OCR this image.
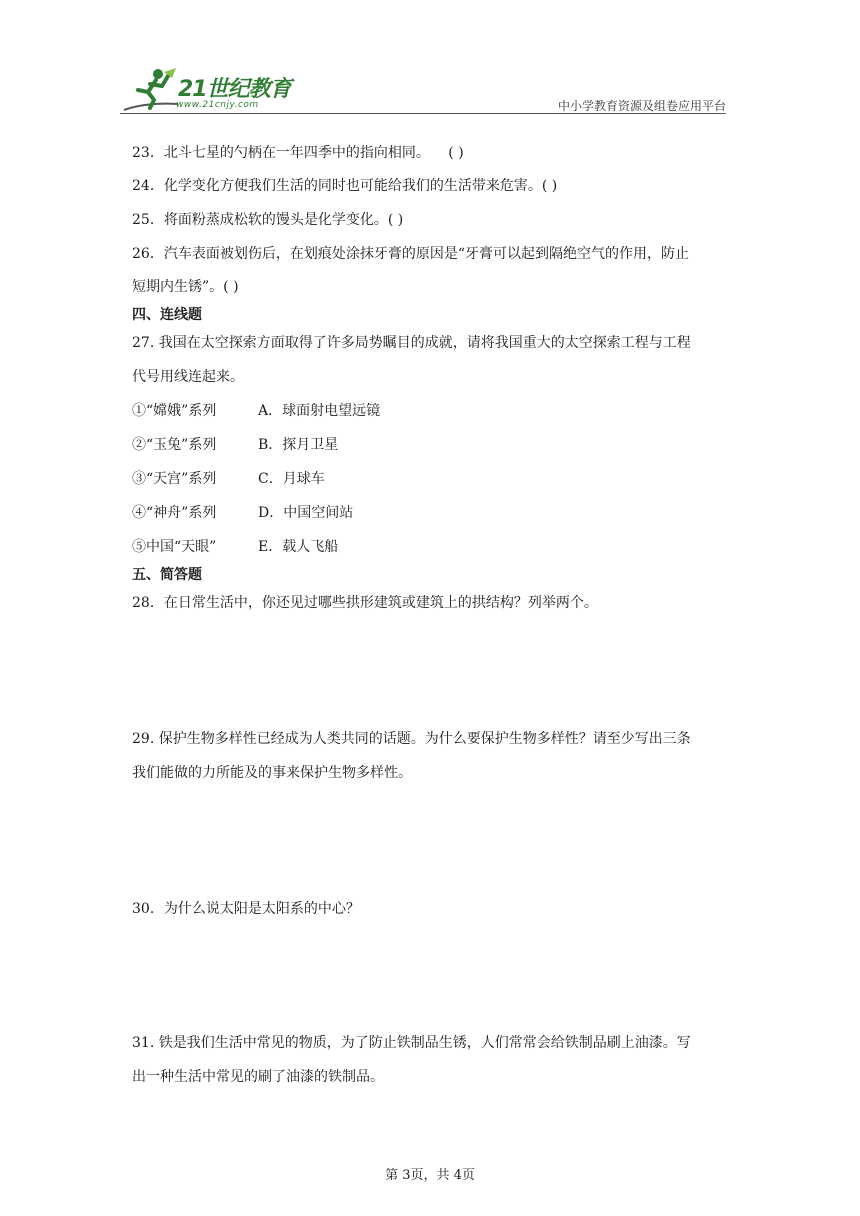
21世纪教育
www.21cnjy.com	中小学教育资源及组卷应用平台
23．北斗七星的勺柄在一年四季中的指向相同。 ( )
24．化学变化方便我们生活的同时也可能给我们的生活带来危害。( )
25．将面粉蒸成松软的馒头是化学变化。( )
26．汽车表面被划伤后，在划痕处涂抹牙膏的原因是“牙膏可以起到隔绝空气的作用，防止
短期内生锈”。( )
四、连线题
27. 我国在太空探索方面取得了许多局势瞩目的成就，请将我国重大的太空探索工程与工程
代号用线连起来。
①“嫦娥”系列	A．球面射电望远镜
②“玉兔”系列	B．探月卫星
③“天宫”系列	C．月球车
④“神舟”系列	D．中国空间站
⑤中国“天眼”	E．载人飞船
五、简答题
28．在日常生活中，你还见过哪些拱形建筑或建筑上的拱结构？列举两个。
29. 保护生物多样性已经成为人类共同的话题。为什么要保护生物多样性？请至少写出三条
我们能做的力所能及的事来保护生物多样性。
30．为什么说太阳是太阳系的中心？
31. 铁是我们生活中常见的物质，为了防止铁制品生锈，人们常常会给铁制品刷上油漆。写
出一种生活中常见的刷了油漆的铁制品。
第 3页，共 4页
